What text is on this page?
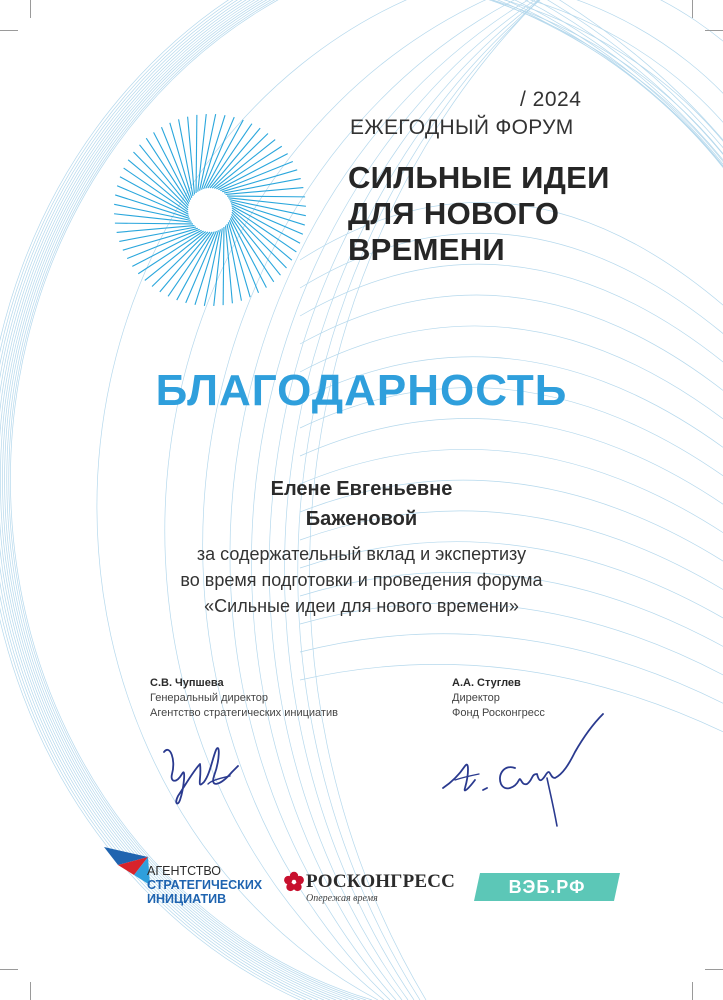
/ 2024
ЕЖЕГОДНЫЙ ФОРУМ
СИЛЬНЫЕ ИДЕИ
ДЛЯ НОВОГО
ВРЕМЕНИ
БЛАГОДАРНОСТЬ
Елене Евгеньевне
Баженовой
за содержательный вклад и экспертизу
во время подготовки и проведения форума
«Сильные идеи для нового времени»
С.В. Чупшева
Генеральный директор
Агентство стратегических инициатив
А.А. Стуглев
Директор
Фонд Росконгресс
АГЕНТСТВО
СТРАТЕГИЧЕСКИХ
ИНИЦИАТИВ
РОСКОНГРЕСС
Опережая время
ВЭБ.РФ
